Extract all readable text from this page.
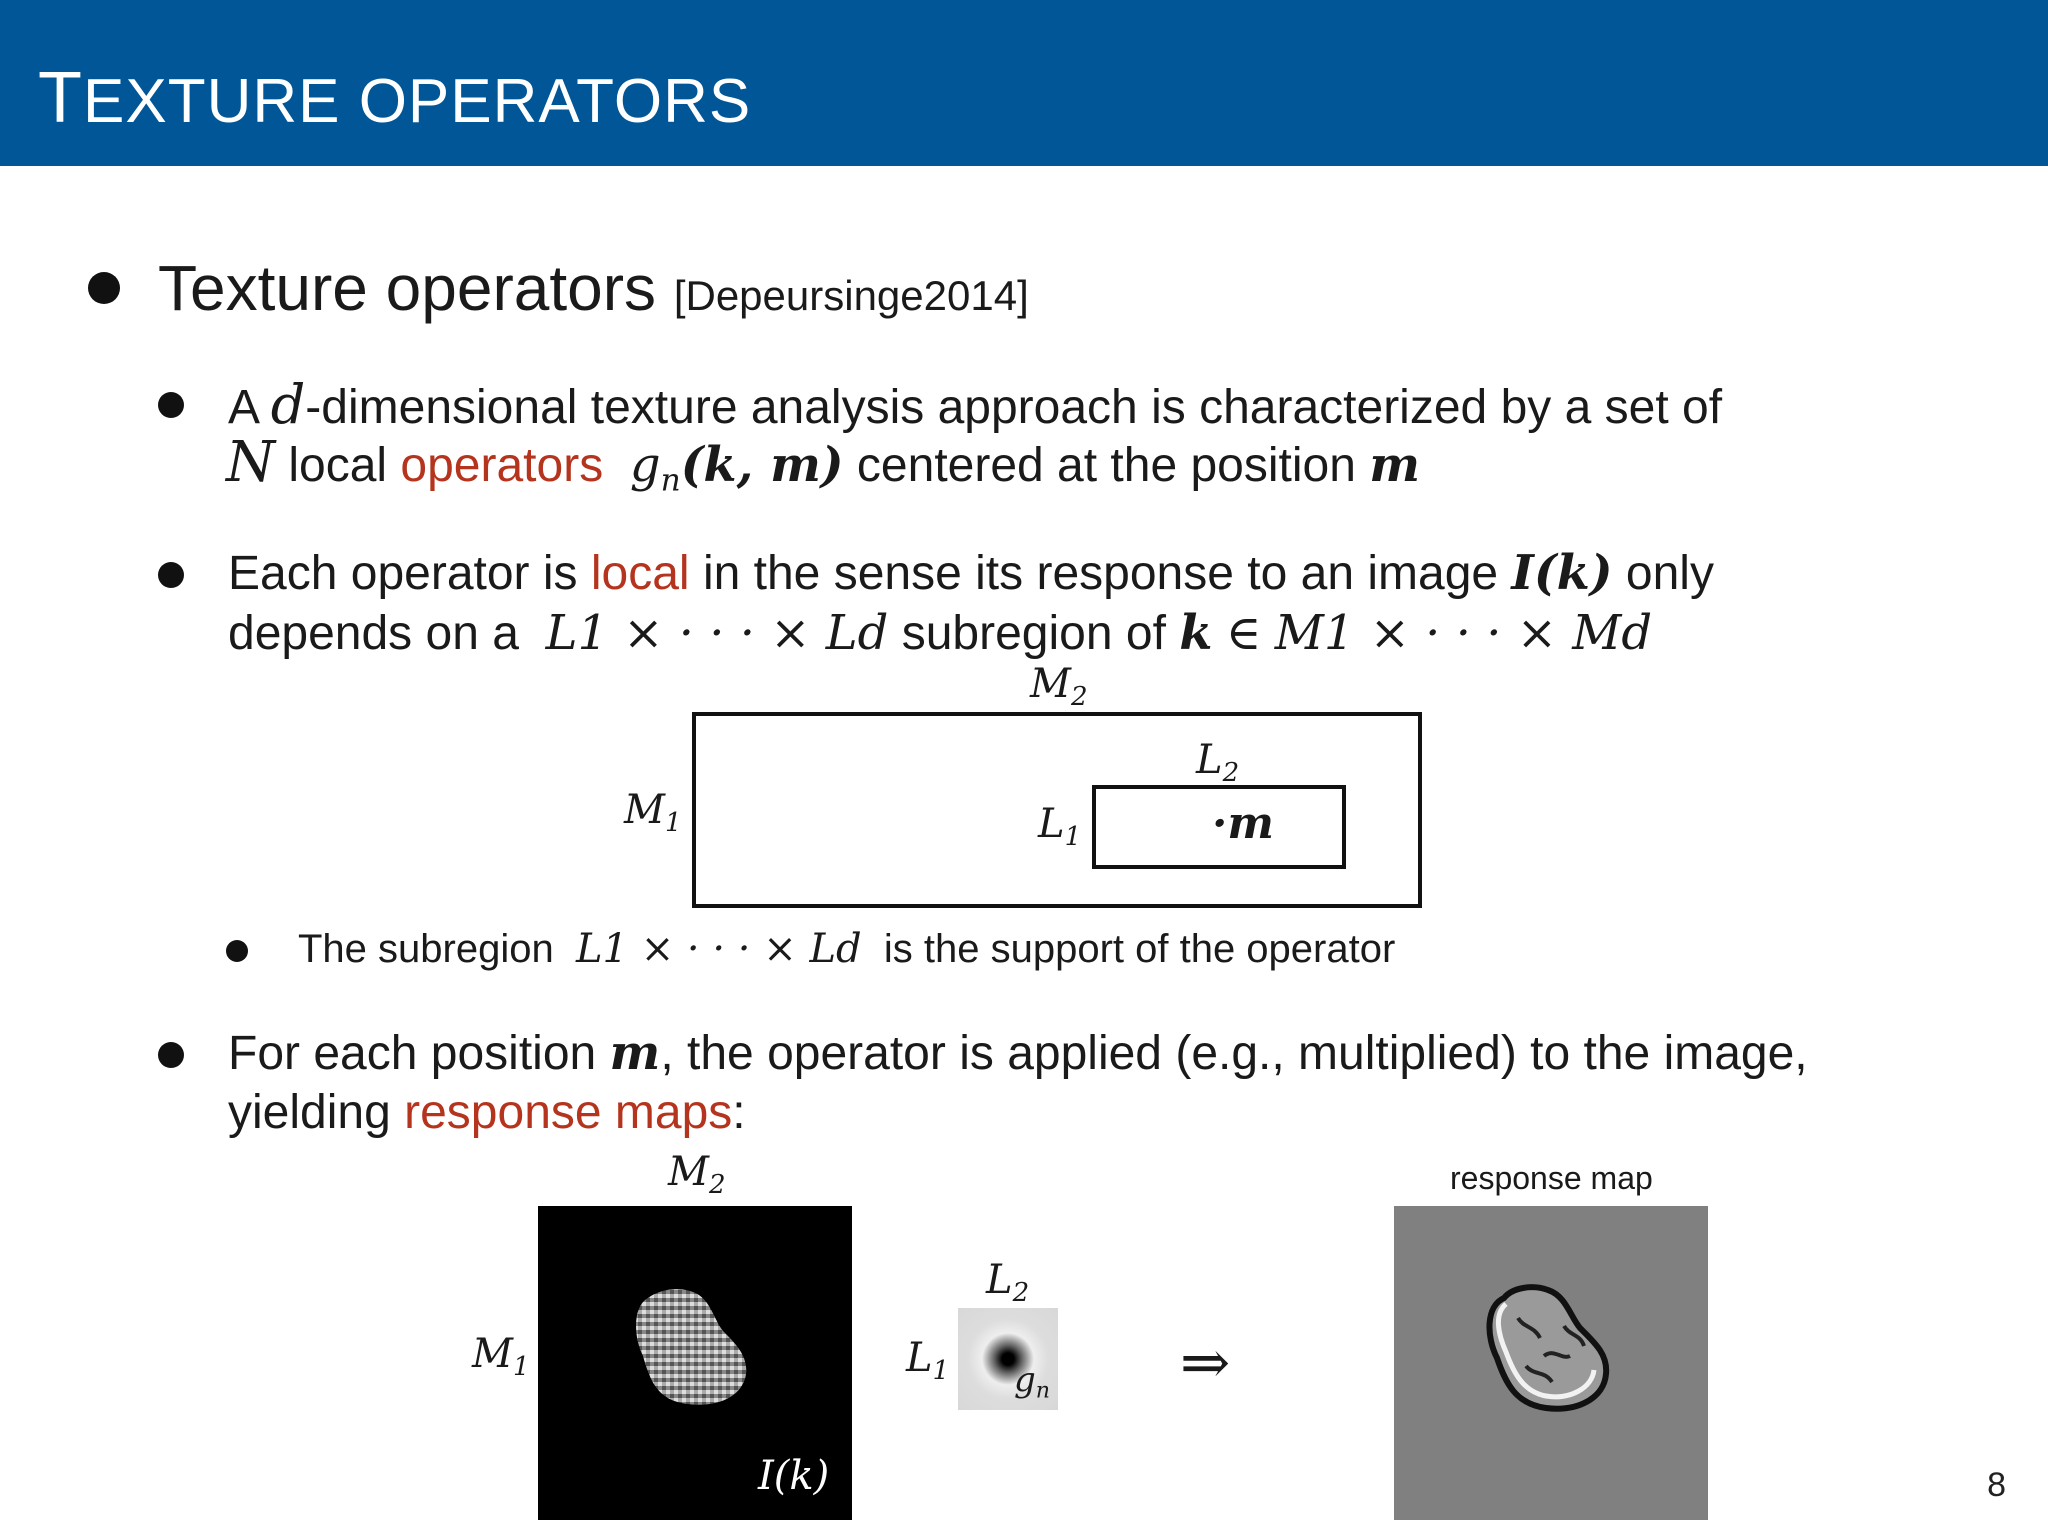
TEXTURE OPERATORS
Texture operators [Depeursinge2014]
A d-dimensional texture analysis approach is characterized by a set of
N local operators $g_n(k$, m) centered at the position m
Each operator is local in the sense its response to an image I(k) only
depends on a L1 × · · · × Ld subregion of k ∈ M1 × · · · × Md
$M_2$
$M_1$
$L_2$
$L_1$	·m
The subregion L1 × · · · × Ld is the support of the operator
For each position m, the operator is applied (e.g., multiplied) to the image,
yielding response maps:
$M_2$
$M_1$
I(k)
$L_2$
$L_1$ $g_n$ ⇒
response map
8
